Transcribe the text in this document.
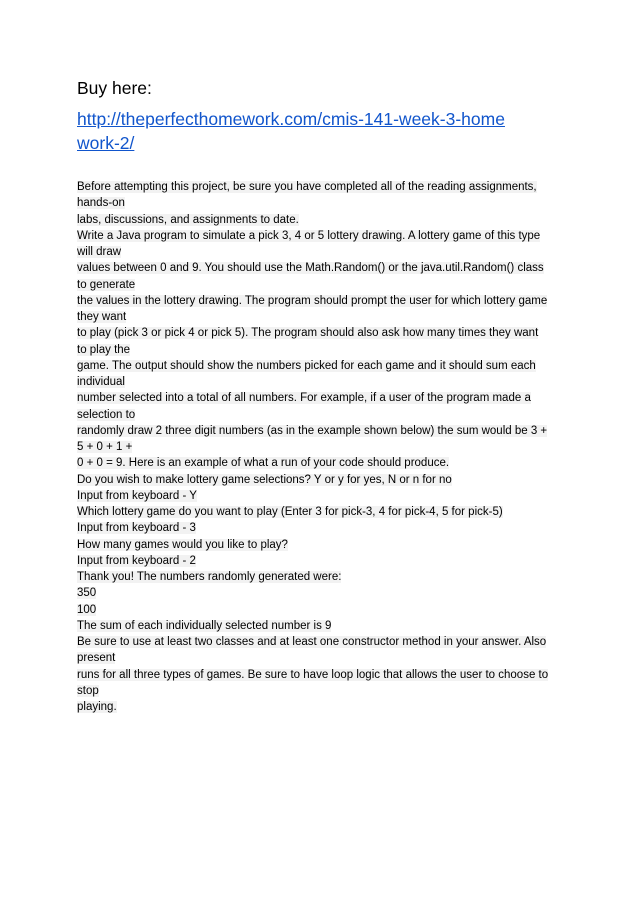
Buy here:
http://theperfecthomework.com/cmis-141-week-3-home
work-2/
Before attempting this project, be sure you have completed all of the reading assignments,
hands-on
labs, discussions, and assignments to date.
Write a Java program to simulate a pick 3, 4 or 5 lottery drawing. A lottery game of this type
will draw
values between 0 and 9. You should use the Math.Random() or the java.util.Random() class
to generate
the values in the lottery drawing. The program should prompt the user for which lottery game
they want
to play (pick 3 or pick 4 or pick 5). The program should also ask how many times they want
to play the
game. The output should show the numbers picked for each game and it should sum each
individual
number selected into a total of all numbers. For example, if a user of the program made a
selection to
randomly draw 2 three digit numbers (as in the example shown below) the sum would be 3 +
5 + 0 + 1 +
0 + 0 = 9. Here is an example of what a run of your code should produce.
Do you wish to make lottery game selections? Y or y for yes, N or n for no
Input from keyboard - Y
Which lottery game do you want to play (Enter 3 for pick-3, 4 for pick-4, 5 for pick-5)
Input from keyboard - 3
How many games would you like to play?
Input from keyboard - 2
Thank you! The numbers randomly generated were:
350
100
The sum of each individually selected number is 9
Be sure to use at least two classes and at least one constructor method in your answer. Also
present
runs for all three types of games. Be sure to have loop logic that allows the user to choose to
stop
playing.
